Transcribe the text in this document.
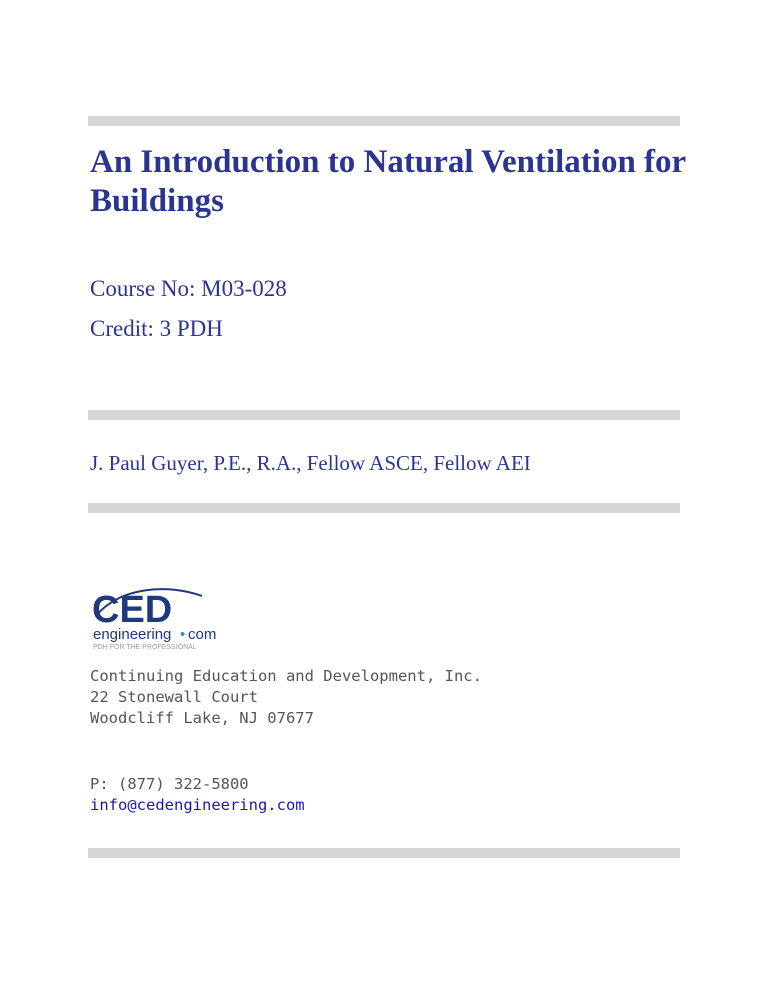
An Introduction to Natural Ventilation for Buildings

Course No: M03-028

Credit: 3 PDH

J. Paul Guyer, P.E., R.A., Fellow ASCE, Fellow AEI

CED
engineering • com
PDH FOR THE PROFESSIONAL
Continuing Education and Development, Inc.
22 Stonewall Court
Woodcliff Lake, NJ 07677
P: (877) 322-5800
info@cedengineering.com
